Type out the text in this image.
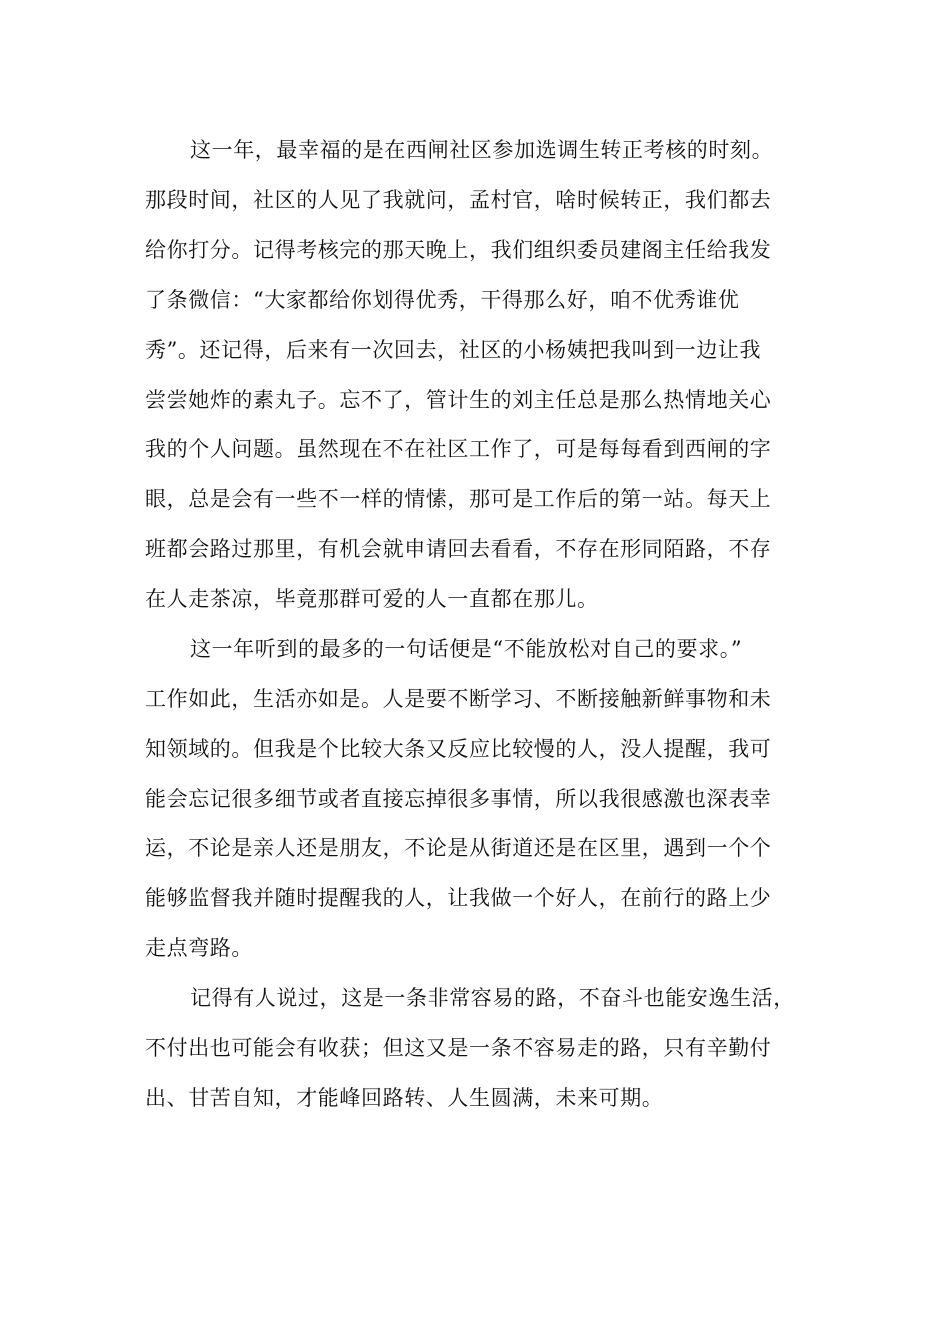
这一年，最幸福的是在西闸社区参加选调生转正考核的时刻。
那段时间，社区的人见了我就问，孟村官，啥时候转正，我们都去
给你打分。记得考核完的那天晚上，我们组织委员建阁主任给我发
了条微信：“大家都给你划得优秀，干得那么好，咱不优秀谁优
秀”。还记得，后来有一次回去，社区的小杨姨把我叫到一边让我
尝尝她炸的素丸子。忘不了，管计生的刘主任总是那么热情地关心
我的个人问题。虽然现在不在社区工作了，可是每每看到西闸的字
眼，总是会有一些不一样的情愫，那可是工作后的第一站。每天上
班都会路过那里，有机会就申请回去看看，不存在形同陌路，不存
在人走茶凉，毕竟那群可爱的人一直都在那儿。
这一年听到的最多的一句话便是“不能放松对自己的要求。”
工作如此，生活亦如是。人是要不断学习、不断接触新鲜事物和未
知领域的。但我是个比较大条又反应比较慢的人，没人提醒，我可
能会忘记很多细节或者直接忘掉很多事情，所以我很感激也深表幸
运，不论是亲人还是朋友，不论是从街道还是在区里，遇到一个个
能够监督我并随时提醒我的人，让我做一个好人，在前行的路上少
走点弯路。
记得有人说过，这是一条非常容易的路，不奋斗也能安逸生活，
不付出也可能会有收获；但这又是一条不容易走的路，只有辛勤付
出、甘苦自知，才能峰回路转、人生圆满，未来可期。
